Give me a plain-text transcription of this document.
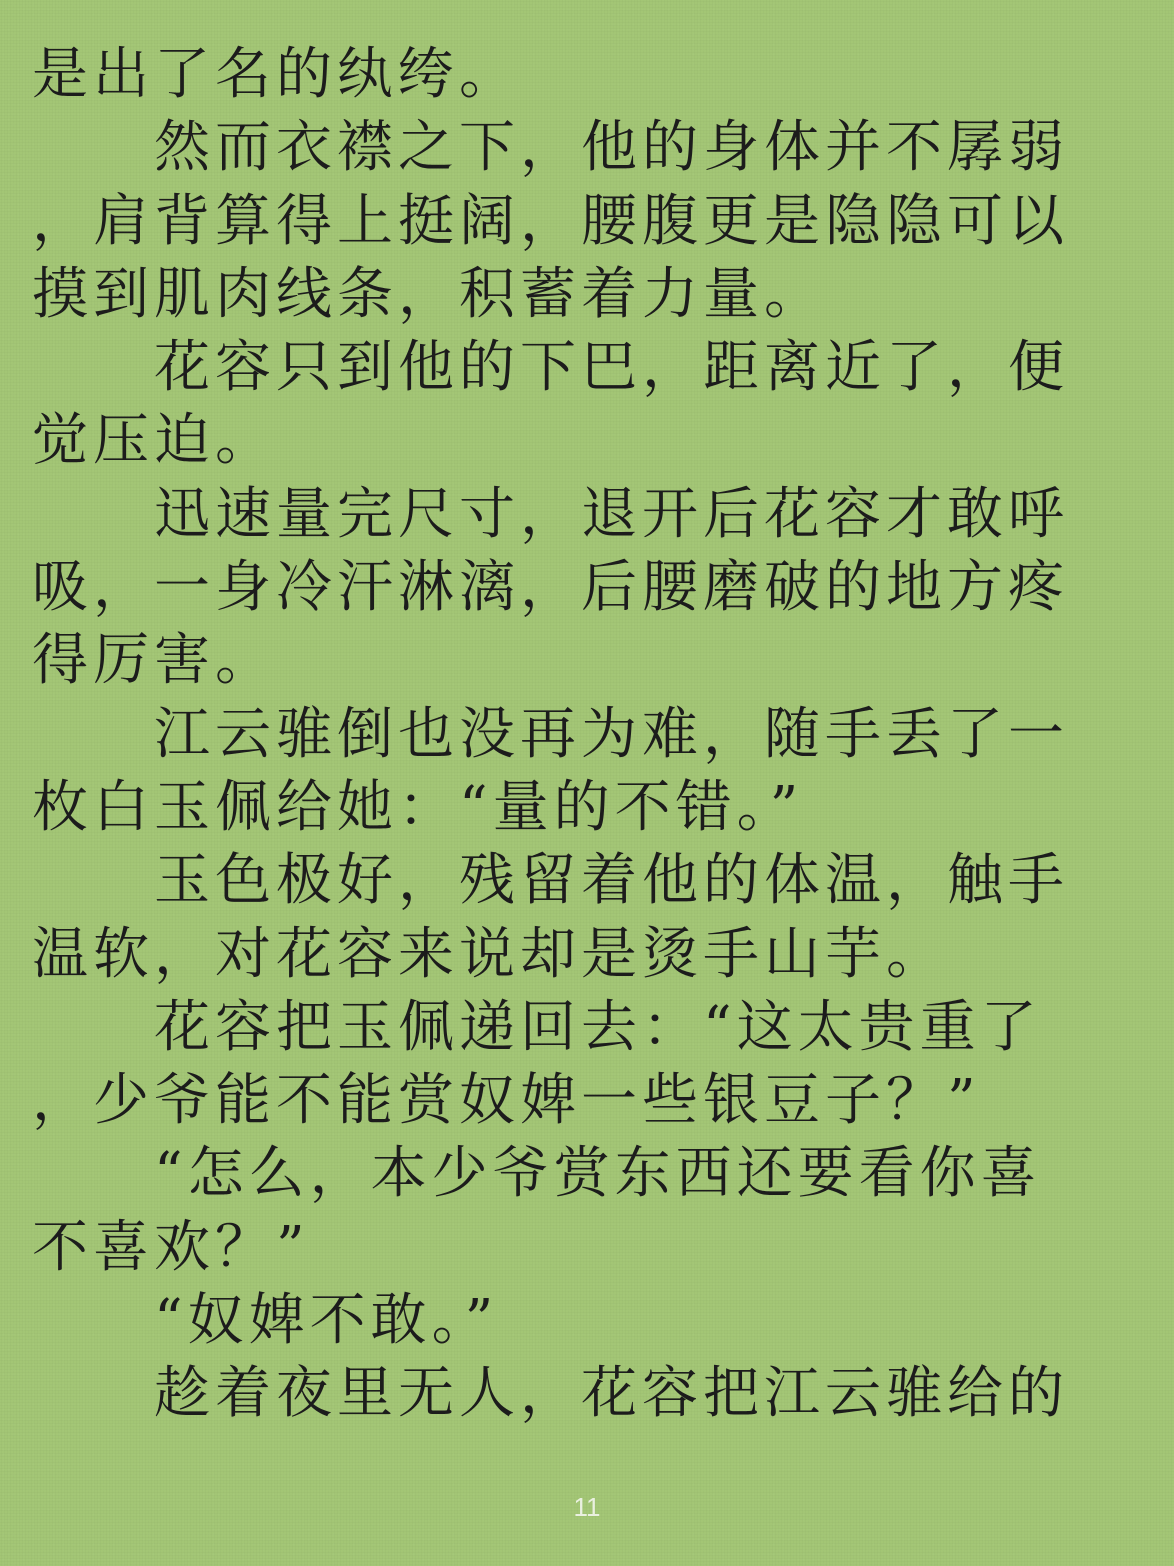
是出了名的纨绔。
　　然而衣襟之下，他的身体并不孱弱
，肩背算得上挺阔，腰腹更是隐隐可以
摸到肌肉线条，积蓄着力量。
　　花容只到他的下巴，距离近了，便
觉压迫。
　　迅速量完尺寸，退开后花容才敢呼
吸，一身冷汗淋漓，后腰磨破的地方疼
得厉害。
　　江云骓倒也没再为难，随手丢了一
枚白玉佩给她：“量的不错。”
　　玉色极好，残留着他的体温，触手
温软，对花容来说却是烫手山芋。
　　花容把玉佩递回去：“这太贵重了
，少爷能不能赏奴婢一些银豆子？”
　　“怎么，本少爷赏东西还要看你喜
不喜欢？”
　　“奴婢不敢。”
　　趁着夜里无人，花容把江云骓给的
11
